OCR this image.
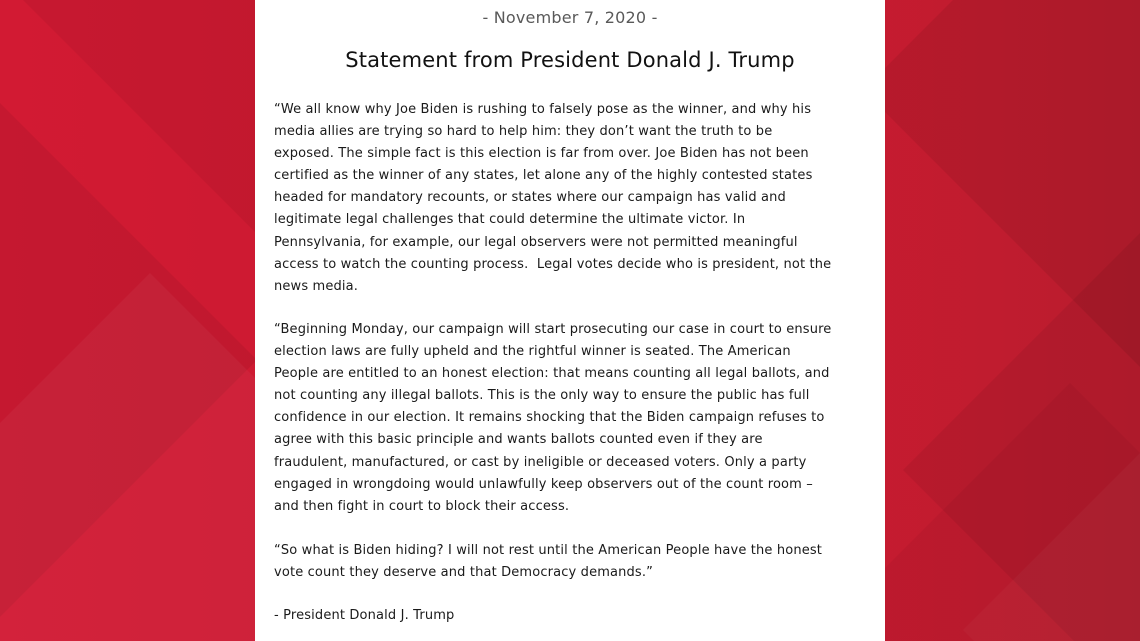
- November 7, 2020 -
Statement from President Donald J. Trump

“We all know why Joe Biden is rushing to falsely pose as the winner, and why his
media allies are trying so hard to help him: they don’t want the truth to be
exposed. The simple fact is this election is far from over. Joe Biden has not been
certified as the winner of any states, let alone any of the highly contested states
headed for mandatory recounts, or states where our campaign has valid and
legitimate legal challenges that could determine the ultimate victor. In
Pennsylvania, for example, our legal observers were not permitted meaningful
access to watch the counting process.  Legal votes decide who is president, not the
news media.

“Beginning Monday, our campaign will start prosecuting our case in court to ensure
election laws are fully upheld and the rightful winner is seated. The American
People are entitled to an honest election: that means counting all legal ballots, and
not counting any illegal ballots. This is the only way to ensure the public has full
confidence in our election. It remains shocking that the Biden campaign refuses to
agree with this basic principle and wants ballots counted even if they are
fraudulent, manufactured, or cast by ineligible or deceased voters. Only a party
engaged in wrongdoing would unlawfully keep observers out of the count room –
and then fight in court to block their access.

“So what is Biden hiding? I will not rest until the American People have the honest
vote count they deserve and that Democracy demands.”

- President Donald J. Trump
